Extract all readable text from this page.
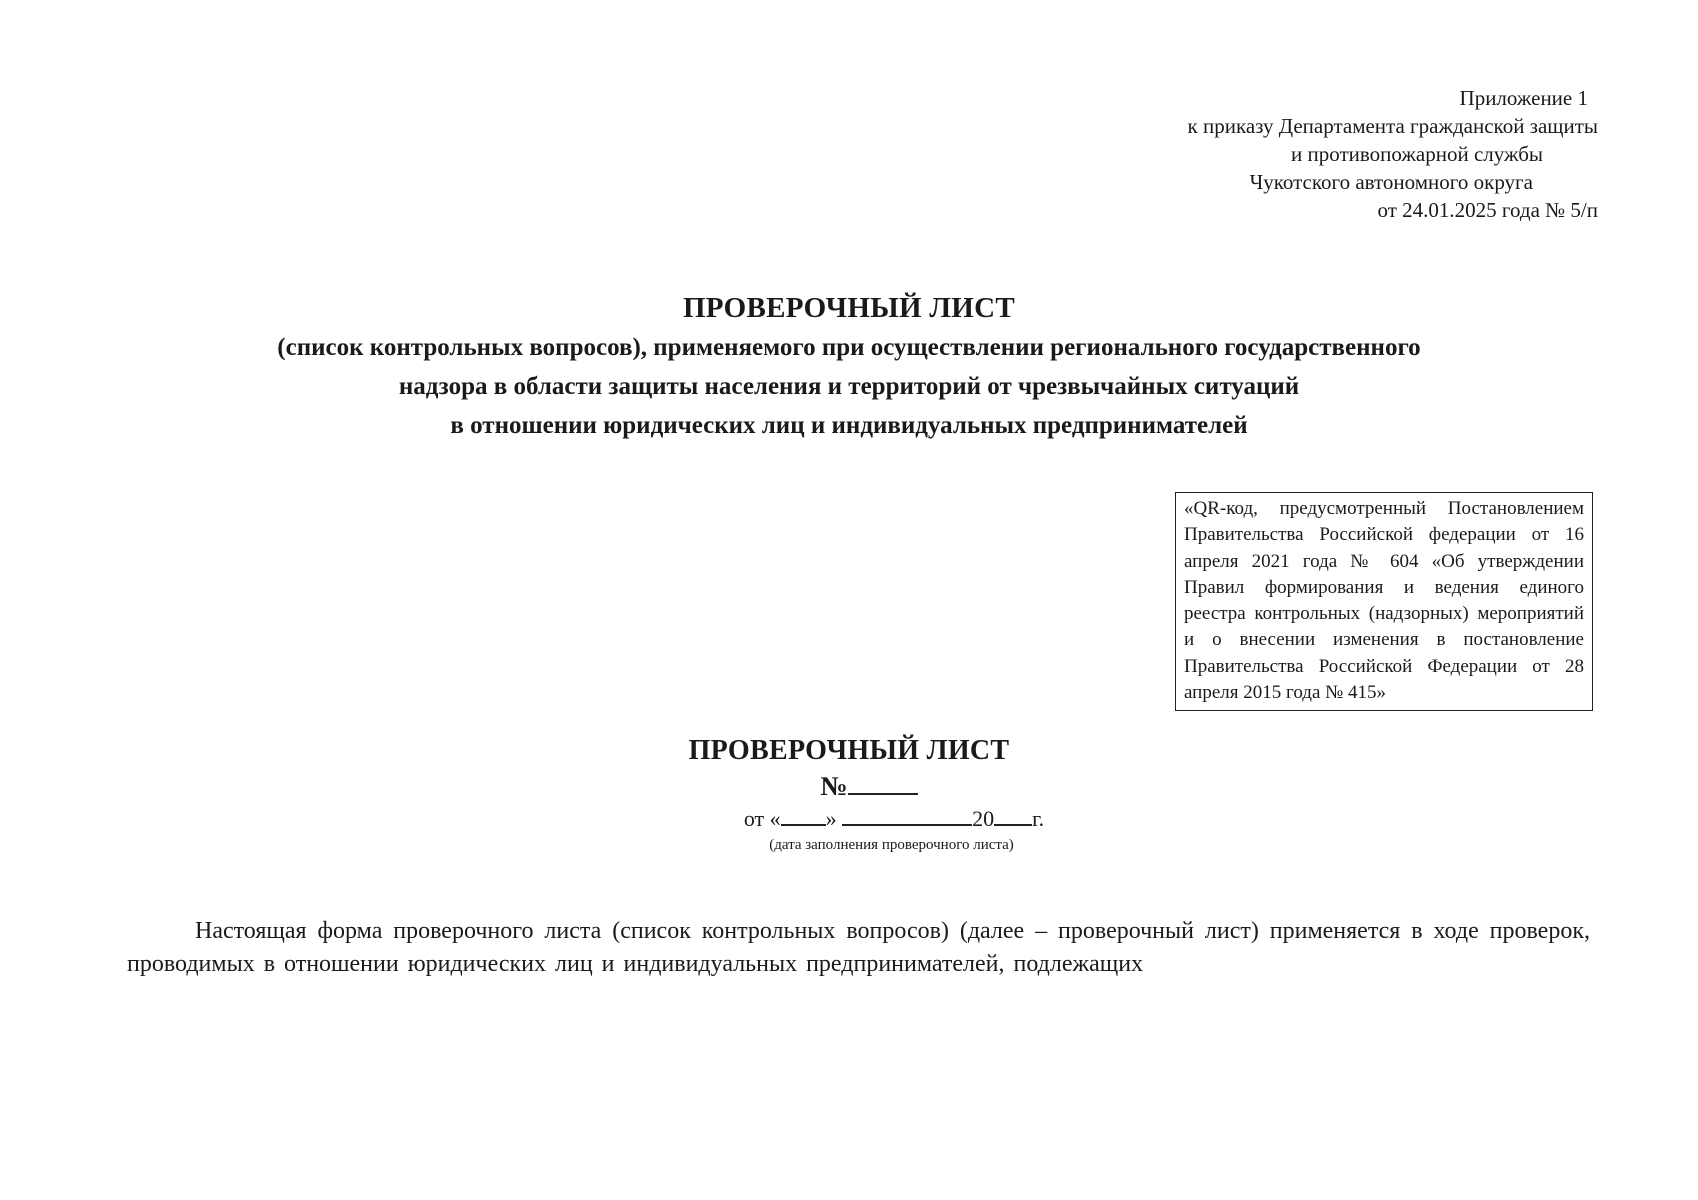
Приложение 1
к приказу Департамента гражданской защиты
и противопожарной службы
Чукотского автономного округа
от 24.01.2025 года № 5/п
ПРОВЕРОЧНЫЙ ЛИСТ
(список контрольных вопросов), применяемого при осуществлении регионального государственного
надзора в области защиты населения и территорий от чрезвычайных ситуаций
в отношении юридических лиц и индивидуальных предпринимателей
«QR-код, предусмотренный Постановлением Правительства Российской федерации от 16 апреля 2021 года № 604 «Об утверждении Правил формирования и ведения единого реестра контрольных (надзорных) мероприятий и о внесении изменения в постановление Правительства Российской Федерации от 28 апреля 2015 года № 415»
ПРОВЕРОЧНЫЙ ЛИСТ
№
от « »	20 г.
(дата заполнения проверочного листа)
Настоящая форма проверочного листа (список контрольных вопросов) (далее – проверочный лист) применяется в ходе проверок, проводимых в отношении юридических лиц и индивидуальных предпринимателей, подлежащих
